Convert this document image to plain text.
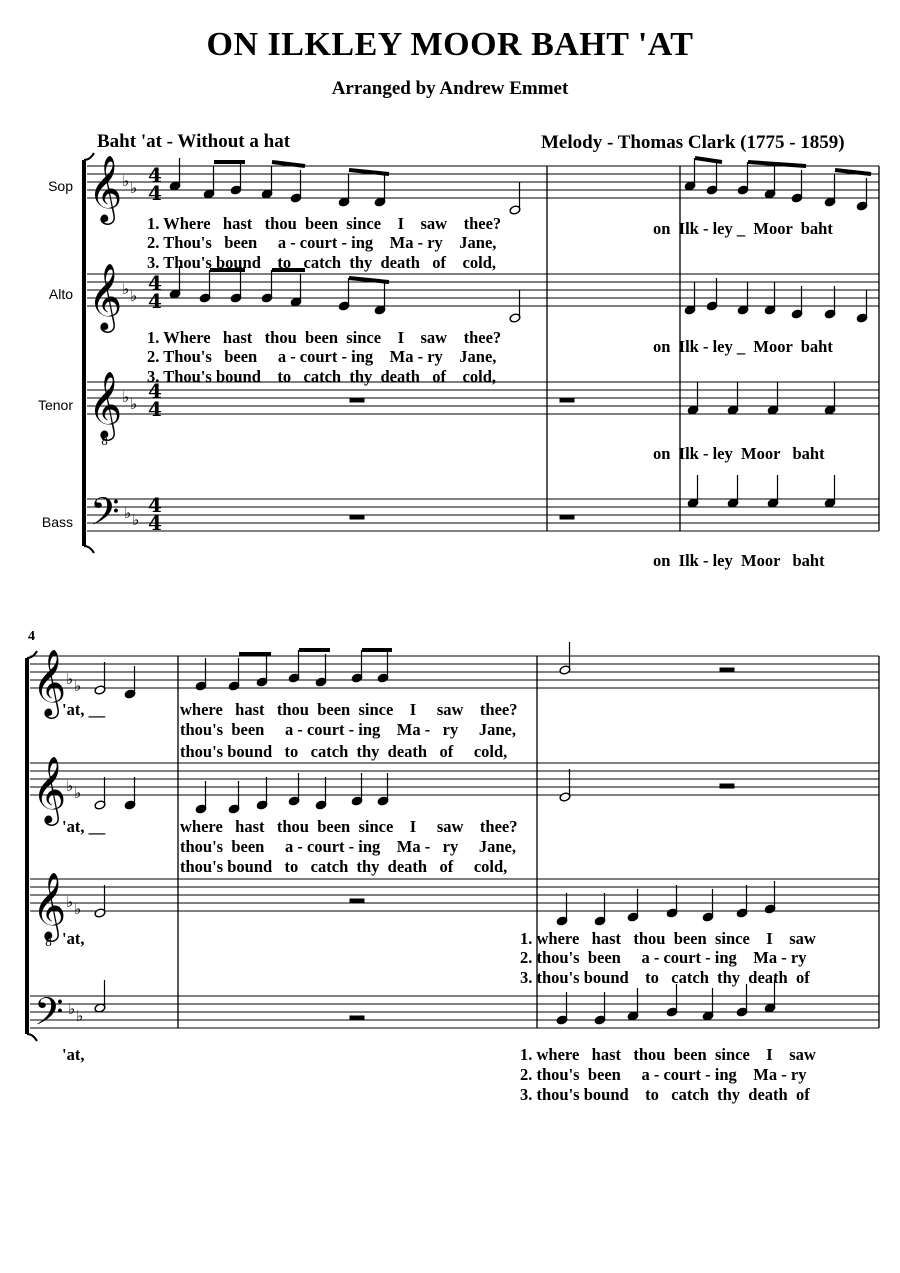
ON ILKLEY MOOR BAHT 'AT
Arranged by Andrew Emmet
Baht 'at - Without a hat	Melody - Thomas Clark (1775 - 1859)
Sop
Alto
Tenor
Bass
𝄞
𝄞
𝄞
𝄢
𝄞
𝄞
𝄞
𝄢
♭ ♭
♭ ♭
♭ ♭
♭ ♭
♭ ♭
♭ ♭
♭ ♭
♭ ♭
4
4
4
4
4
4
4
4
8
8
4
1. Where   hast   thou  been  since    I    saw    thee?
2. Thou's   been     a - court - ing    Ma - ry    Jane,
3. Thou's bound    to   catch  thy  death   of    cold,
on  Ilk - ley _  Moor  baht
1. Where   hast   thou  been  since    I    saw    thee?
2. Thou's   been     a - court - ing    Ma - ry    Jane,
3. Thou's bound    to   catch  thy  death   of    cold,
on  Ilk - ley _  Moor  baht
on  Ilk - ley  Moor   baht
on  Ilk - ley  Moor   baht
'at, __	where   hast   thou  been  since    I     saw    thee?
thou's  been     a - court - ing    Ma -   ry     Jane,
thou's bound   to   catch  thy  death   of     cold,
'at, __	where   hast   thou  been  since    I     saw    thee?
thou's  been     a - court - ing    Ma -   ry     Jane,
thou's bound   to   catch  thy  death   of     cold,
'at,	1. where   hast   thou  been  since    I    saw
2. thou's  been     a - court - ing    Ma - ry
3. thou's bound    to   catch  thy  death  of
'at,	1. where   hast   thou  been  since    I    saw
2. thou's  been     a - court - ing    Ma - ry
3. thou's bound    to   catch  thy  death  of
